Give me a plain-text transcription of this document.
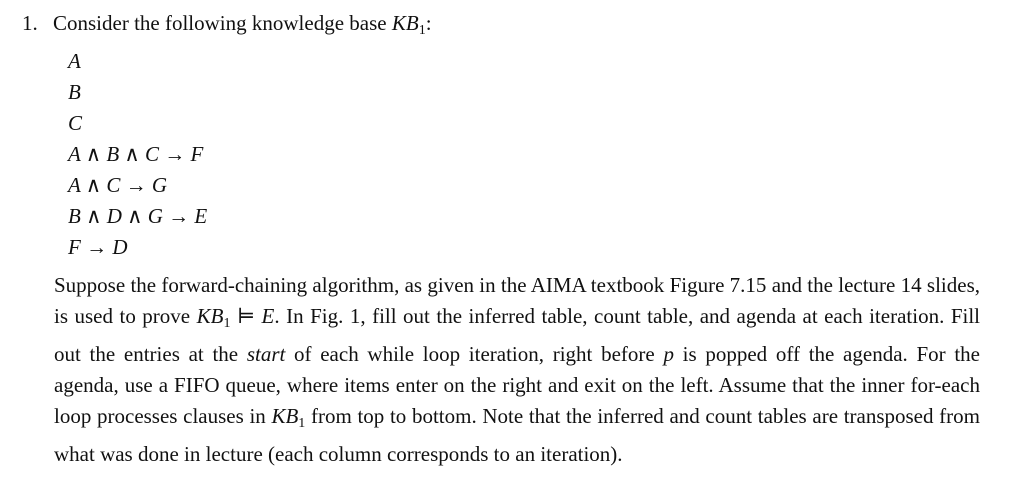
1. Consider the following knowledge base $KB_1$:
A
B
C
A ∧ B ∧ C → F
A ∧ C → G
B ∧ D ∧ G → E
F → D

Suppose the forward-chaining algorithm, as given in the AIMA textbook Figure 7.15 and the lecture 14 slides, is used to prove $KB_1$ ⊨ E. In Fig. 1, fill out the inferred table, count table, and agenda at each iteration. Fill out the entries at the start of each while loop iteration, right before p is popped off the agenda. For the agenda, use a FIFO queue, where items enter on the right and exit on the left. Assume that the inner for-each loop processes clauses in $KB_1$ from top to bottom. Note that the inferred and count tables are transposed from what was done in lecture (each column corresponds to an iteration).
